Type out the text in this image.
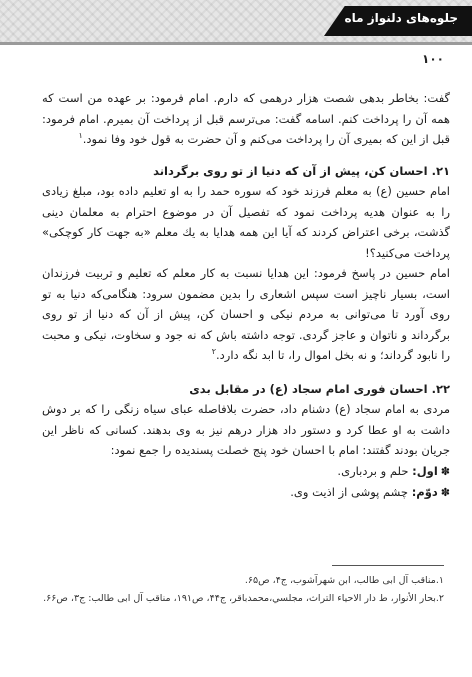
جلوه‌های دلنواز ماه
۱۰۰

گفت: بخاطر بدهی شصت هزار درهمی که دارم. امام فرمود: بر عهده من است که همه آن را پرداخت کنم. اسامه گفت: می‌ترسم قبل از پرداخت آن بمیرم. امام فرمود: قبل از این که بمیری آن را پرداخت می‌کنم و آن حضرت به قول خود وفا نمود.$^۱$

۲۱. احسان کن، پیش از آن که دنیا از تو روی برگرداند

امام حسین (ع) به معلم فرزند خود که سوره حمد را به او تعلیم داده بود، مبلغ زیادی را به عنوان هدیه پرداخت نمود که تفصیل آن در موضوع احترام به معلمان دینی گذشت، برخی اعتراض کردند که آیا این همه هدایا به یك معلم «به جهت کار کوچکی» پرداخت می‌کنید؟!

امام حسین در پاسخ فرمود: این هدایا نسبت به کار معلم که تعلیم و تربیت فرزندان است، بسیار ناچیز است سپس اشعاری را بدین مضمون سرود: هنگامی‌که دنیا به تو روی آورد تا می‌توانی به مردم نیکی و احسان کن، پیش از آن که دنیا از تو روی برگرداند و ناتوان و عاجز گردی. توجه داشته باش که نه جود و سخاوت، نیکی و محبت را نابود گرداند؛ و نه بخل اموال را، تا ابد نگه دارد.$^۲$

۲۲. احسان فوری امام سجاد (ع) در مقابل بدی

مردی به امام سجاد (ع) دشنام داد، حضرت بلافاصله عبای سیاه زنگی را که بر دوش داشت به او عطا کرد و دستور داد هزار درهم نیز به وی بدهند. کسانی که ناظر این جریان بودند گفتند: امام با احسان خود پنج خصلت پسندیده را جمع نمود:

✽اول: حلم و بردباری.
✽دوّم: چشم پوشی از اذیت وی.

۱.مناقب آل ابی طالب، ابن شهرآشوب، ج۴، ص۶۵.

۲.بحار الأنوار، ط دار الاحياء التراث، مجلسي،محمدباقر، ج۴۴، ص۱۹۱، مناقب آل ابی طالب: ج۳، ص۶۶.
